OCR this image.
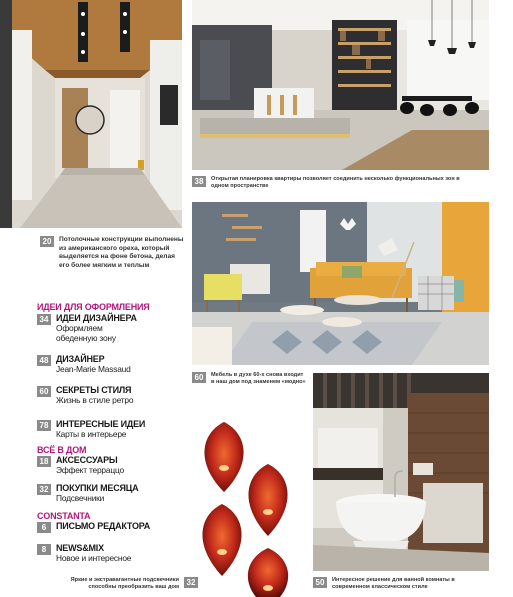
38	Открытая планировка квартиры позволяет соединить несколько функциональных зон в одном пространстве
20	Потолочные конструкции выполнены из американского ореха, который выделяется на фоне бетона, делая его более мягким и теплым
60	Мебель в духе 60-х снова входит в наш дом под знаменем «модно»
ИДЕИ ДЛЯ ОФОРМЛЕНИЯ
34 ИДЕИ ДИЗАЙНЕРА
Оформляем
обеденную зону
48 ДИЗАЙНЕР
Jean-Marie Massaud
60 СЕКРЕТЫ СТИЛЯ
Жизнь в стиле ретро
78 ИНТЕРЕСНЫЕ ИДЕИ
Карты в интерьере
ВСЁ В ДОМ
18 АКСЕССУАРЫ
Эффект терраццо
32 ПОКУПКИ МЕСЯЦА
Подсвечники
CONSTANTA
6	ПИСЬМО РЕДАКТОРА
8	NEWS&MIX
Новое и интересное
32
Яркие и экстравагантные подсвечники способны преобразить ваш дом	50	Интересное решение для ванной комнаты в современном классическом стиле
